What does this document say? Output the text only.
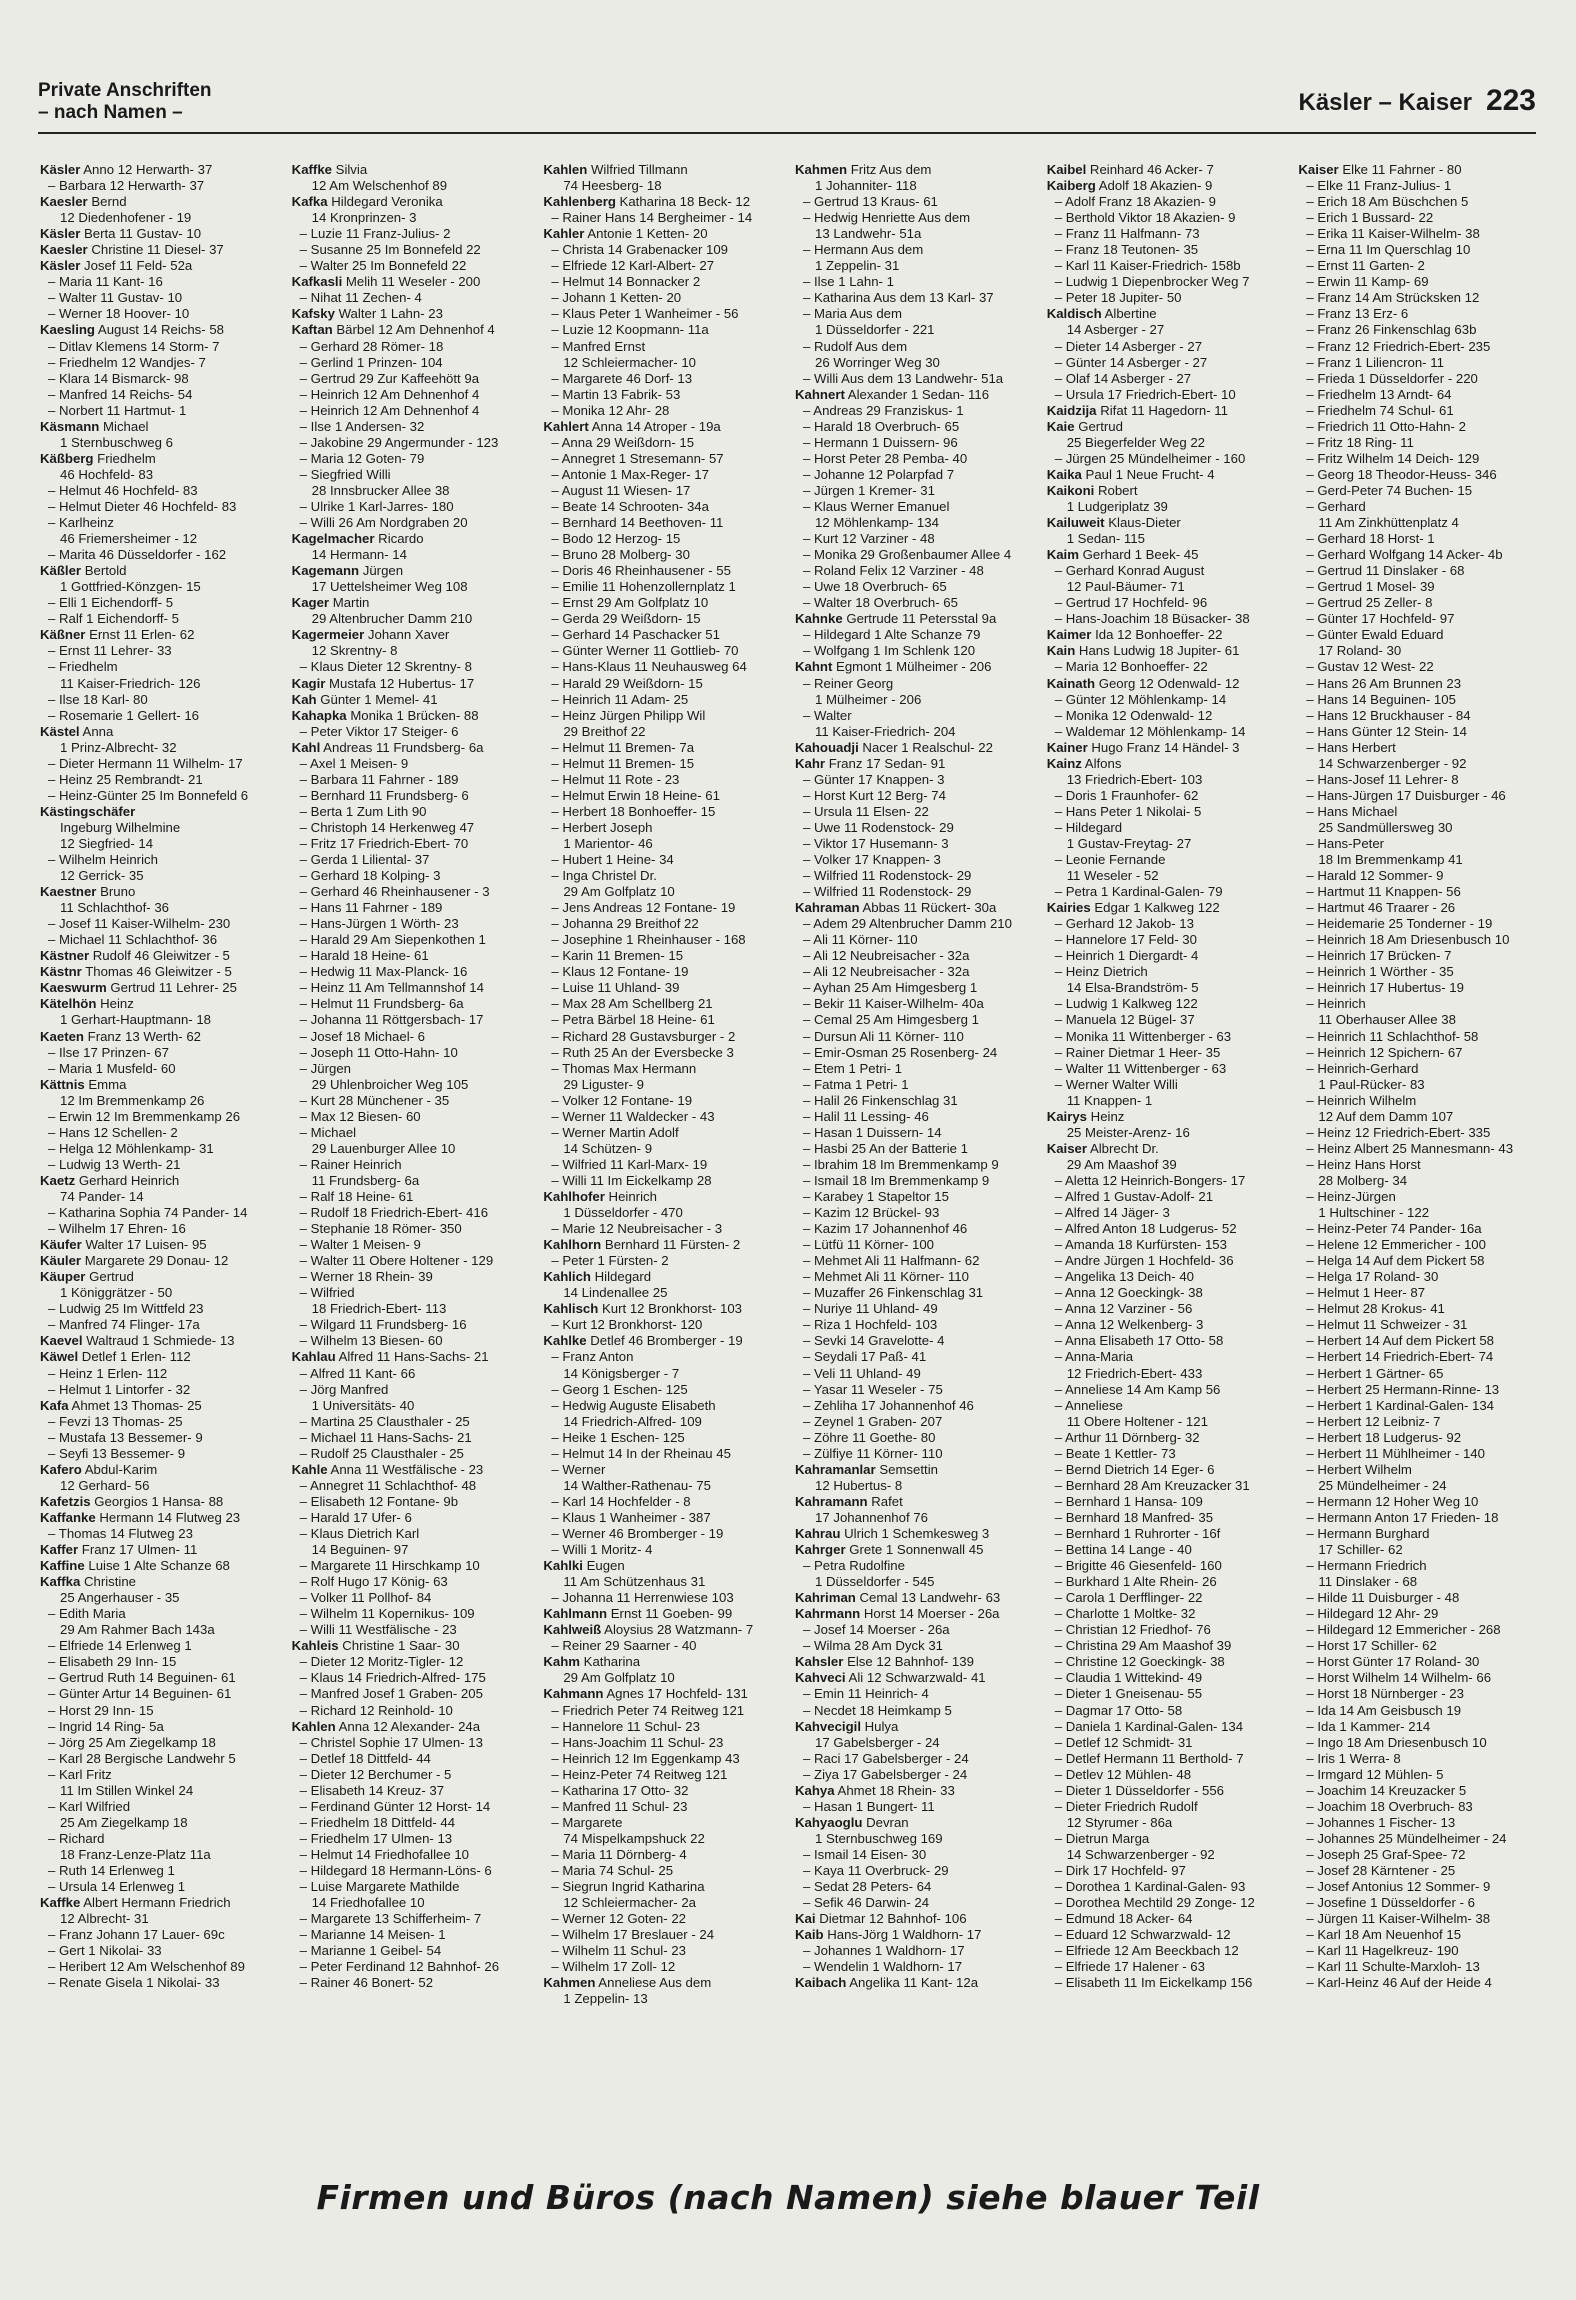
Private Anschriften
– nach Namen –	Käsler – Kaiser 223
Käsler Anno 12 Herwarth- 37
– Barbara 12 Herwarth- 37
Kaesler Bernd
12 Diedenhofener - 19
Käsler Berta 11 Gustav- 10
Kaesler Christine 11 Diesel- 37
Käsler Josef 11 Feld- 52a
– Maria 11 Kant- 16
– Walter 11 Gustav- 10
– Werner 18 Hoover- 10
Kaesling August 14 Reichs- 58
– Ditlav Klemens 14 Storm- 7
– Friedhelm 12 Wandjes- 7
– Klara 14 Bismarck- 98
– Manfred 14 Reichs- 54
– Norbert 11 Hartmut- 1
Käsmann Michael
1 Sternbuschweg 6
Käßberg Friedhelm
46 Hochfeld- 83
– Helmut 46 Hochfeld- 83
– Helmut Dieter 46 Hochfeld- 83
– Karlheinz
46 Friemersheimer - 12
– Marita 46 Düsseldorfer - 162
Käßler Bertold
1 Gottfried-Könzgen- 15
– Elli 1 Eichendorff- 5
– Ralf 1 Eichendorff- 5
Käßner Ernst 11 Erlen- 62
– Ernst 11 Lehrer- 33
– Friedhelm
11 Kaiser-Friedrich- 126
– Ilse 18 Karl- 80
– Rosemarie 1 Gellert- 16
Kästel Anna
1 Prinz-Albrecht- 32
– Dieter Hermann 11 Wilhelm- 17
– Heinz 25 Rembrandt- 21
– Heinz-Günter 25 Im Bonnefeld 6
Kästingschäfer
Ingeburg Wilhelmine
12 Siegfried- 14
– Wilhelm Heinrich
12 Gerrick- 35
Kaestner Bruno
11 Schlachthof- 36
– Josef 11 Kaiser-Wilhelm- 230
– Michael 11 Schlachthof- 36
Kästner Rudolf 46 Gleiwitzer - 5
Kästnr Thomas 46 Gleiwitzer - 5
Kaeswurm Gertrud 11 Lehrer- 25
Kätelhön Heinz
1 Gerhart-Hauptmann- 18
Kaeten Franz 13 Werth- 62
– Ilse 17 Prinzen- 67
– Maria 1 Musfeld- 60
Kättnis Emma
12 Im Bremmenkamp 26
– Erwin 12 Im Bremmenkamp 26
– Hans 12 Schellen- 2
– Helga 12 Möhlenkamp- 31
– Ludwig 13 Werth- 21
Kaetz Gerhard Heinrich
74 Pander- 14
– Katharina Sophia 74 Pander- 14
– Wilhelm 17 Ehren- 16
Käufer Walter 17 Luisen- 95
Käuler Margarete 29 Donau- 12
Käuper Gertrud
1 Königgrätzer - 50
– Ludwig 25 Im Wittfeld 23
– Manfred 74 Flinger- 17a
Kaevel Waltraud 1 Schmiede- 13
Käwel Detlef 1 Erlen- 112
– Heinz 1 Erlen- 112
– Helmut 1 Lintorfer - 32
Kafa Ahmet 13 Thomas- 25
– Fevzi 13 Thomas- 25
– Mustafa 13 Bessemer- 9
– Seyfi 13 Bessemer- 9
Kafero Abdul-Karim
12 Gerhard- 56
Kafetzis Georgios 1 Hansa- 88
Kaffanke Hermann 14 Flutweg 23
– Thomas 14 Flutweg 23
Kaffer Franz 17 Ulmen- 11
Kaffine Luise 1 Alte Schanze 68
Kaffka Christine
25 Angerhauser - 35
– Edith Maria
29 Am Rahmer Bach 143a
– Elfriede 14 Erlenweg 1
– Elisabeth 29 Inn- 15
– Gertrud Ruth 14 Beguinen- 61
– Günter Artur 14 Beguinen- 61
– Horst 29 Inn- 15
– Ingrid 14 Ring- 5a
– Jörg 25 Am Ziegelkamp 18
– Karl 28 Bergische Landwehr 5
– Karl Fritz
11 Im Stillen Winkel 24
– Karl Wilfried
25 Am Ziegelkamp 18
– Richard
18 Franz-Lenze-Platz 11a
– Ruth 14 Erlenweg 1
– Ursula 14 Erlenweg 1
Kaffke Albert Hermann Friedrich
12 Albrecht- 31
– Franz Johann 17 Lauer- 69c
– Gert 1 Nikolai- 33
– Heribert 12 Am Welschenhof 89
– Renate Gisela 1 Nikolai- 33
Kaffke Silvia
12 Am Welschenhof 89
Kafka Hildegard Veronika
14 Kronprinzen- 3
– Luzie 11 Franz-Julius- 2
– Susanne 25 Im Bonnefeld 22
– Walter 25 Im Bonnefeld 22
Kafkasli Melih 11 Weseler - 200
– Nihat 11 Zechen- 4
Kafsky Walter 1 Lahn- 23
Kaftan Bärbel 12 Am Dehnenhof 4
– Gerhard 28 Römer- 18
– Gerlind 1 Prinzen- 104
– Gertrud 29 Zur Kaffeehött 9a
– Heinrich 12 Am Dehnenhof 4
– Heinrich 12 Am Dehnenhof 4
– Ilse 1 Andersen- 32
– Jakobine 29 Angermunder - 123
– Maria 12 Goten- 79
– Siegfried Willi
28 Innsbrucker Allee 38
– Ulrike 1 Karl-Jarres- 180
– Willi 26 Am Nordgraben 20
Kagelmacher Ricardo
14 Hermann- 14
Kagemann Jürgen
17 Uettelsheimer Weg 108
Kager Martin
29 Altenbrucher Damm 210
Kagermeier Johann Xaver
12 Skrentny- 8
– Klaus Dieter 12 Skrentny- 8
Kagir Mustafa 12 Hubertus- 17
Kah Günter 1 Memel- 41
Kahapka Monika 1 Brücken- 88
– Peter Viktor 17 Steiger- 6
Kahl Andreas 11 Frundsberg- 6a
– Axel 1 Meisen- 9
– Barbara 11 Fahrner - 189
– Bernhard 11 Frundsberg- 6
– Berta 1 Zum Lith 90
– Christoph 14 Herkenweg 47
– Fritz 17 Friedrich-Ebert- 70
– Gerda 1 Liliental- 37
– Gerhard 18 Kolping- 3
– Gerhard 46 Rheinhausener - 3
– Hans 11 Fahrner - 189
– Hans-Jürgen 1 Wörth- 23
– Harald 29 Am Siepenkothen 1
– Harald 18 Heine- 61
– Hedwig 11 Max-Planck- 16
– Heinz 11 Am Tellmannshof 14
– Helmut 11 Frundsberg- 6a
– Johanna 11 Röttgersbach- 17
– Josef 18 Michael- 6
– Joseph 11 Otto-Hahn- 10
– Jürgen
29 Uhlenbroicher Weg 105
– Kurt 28 Münchener - 35
– Max 12 Biesen- 60
– Michael
29 Lauenburger Allee 10
– Rainer Heinrich
11 Frundsberg- 6a
– Ralf 18 Heine- 61
– Rudolf 18 Friedrich-Ebert- 416
– Stephanie 18 Römer- 350
– Walter 1 Meisen- 9
– Walter 11 Obere Holtener - 129
– Werner 18 Rhein- 39
– Wilfried
18 Friedrich-Ebert- 113
– Wilgard 11 Frundsberg- 16
– Wilhelm 13 Biesen- 60
Kahlau Alfred 11 Hans-Sachs- 21
– Alfred 11 Kant- 66
– Jörg Manfred
1 Universitäts- 40
– Martina 25 Clausthaler - 25
– Michael 11 Hans-Sachs- 21
– Rudolf 25 Clausthaler - 25
Kahle Anna 11 Westfälische - 23
– Annegret 11 Schlachthof- 48
– Elisabeth 12 Fontane- 9b
– Harald 17 Ufer- 6
– Klaus Dietrich Karl
14 Beguinen- 97
– Margarete 11 Hirschkamp 10
– Rolf Hugo 17 König- 63
– Volker 11 Pollhof- 84
– Wilhelm 11 Kopernikus- 109
– Willi 11 Westfälische - 23
Kahleis Christine 1 Saar- 30
– Dieter 12 Moritz-Tigler- 12
– Klaus 14 Friedrich-Alfred- 175
– Manfred Josef 1 Graben- 205
– Richard 12 Reinhold- 10
Kahlen Anna 12 Alexander- 24a
– Christel Sophie 17 Ulmen- 13
– Detlef 18 Dittfeld- 44
– Dieter 12 Berchumer - 5
– Elisabeth 14 Kreuz- 37
– Ferdinand Günter 12 Horst- 14
– Friedhelm 18 Dittfeld- 44
– Friedhelm 17 Ulmen- 13
– Helmut 14 Friedhofallee 10
– Hildegard 18 Hermann-Löns- 6
– Luise Margarete Mathilde
14 Friedhofallee 10
– Margarete 13 Schifferheim- 7
– Marianne 14 Meisen- 1
– Marianne 1 Geibel- 54
– Peter Ferdinand 12 Bahnhof- 26
– Rainer 46 Bonert- 52
Kahlen Wilfried Tillmann
74 Heesberg- 18
Kahlenberg Katharina 18 Beck- 12
– Rainer Hans 14 Bergheimer - 14
Kahler Antonie 1 Ketten- 20
– Christa 14 Grabenacker 109
– Elfriede 12 Karl-Albert- 27
– Helmut 14 Bonnacker 2
– Johann 1 Ketten- 20
– Klaus Peter 1 Wanheimer - 56
– Luzie 12 Koopmann- 11a
– Manfred Ernst
12 Schleiermacher- 10
– Margarete 46 Dorf- 13
– Martin 13 Fabrik- 53
– Monika 12 Ahr- 28
Kahlert Anna 14 Atroper - 19a
– Anna 29 Weißdorn- 15
– Annegret 1 Stresemann- 57
– Antonie 1 Max-Reger- 17
– August 11 Wiesen- 17
– Beate 14 Schrooten- 34a
– Bernhard 14 Beethoven- 11
– Bodo 12 Herzog- 15
– Bruno 28 Molberg- 30
– Doris 46 Rheinhausener - 55
– Emilie 11 Hohenzollernplatz 1
– Ernst 29 Am Golfplatz 10
– Gerda 29 Weißdorn- 15
– Gerhard 14 Paschacker 51
– Günter Werner 11 Gottlieb- 70
– Hans-Klaus 11 Neuhausweg 64
– Harald 29 Weißdorn- 15
– Heinrich 11 Adam- 25
– Heinz Jürgen Philipp Wil
29 Breithof 22
– Helmut 11 Bremen- 7a
– Helmut 11 Bremen- 15
– Helmut 11 Rote - 23
– Helmut Erwin 18 Heine- 61
– Herbert 18 Bonhoeffer- 15
– Herbert Joseph
1 Marientor- 46
– Hubert 1 Heine- 34
– Inga Christel Dr.
29 Am Golfplatz 10
– Jens Andreas 12 Fontane- 19
– Johanna 29 Breithof 22
– Josephine 1 Rheinhauser - 168
– Karin 11 Bremen- 15
– Klaus 12 Fontane- 19
– Luise 11 Uhland- 39
– Max 28 Am Schellberg 21
– Petra Bärbel 18 Heine- 61
– Richard 28 Gustavsburger - 2
– Ruth 25 An der Eversbecke 3
– Thomas Max Hermann
29 Liguster- 9
– Volker 12 Fontane- 19
– Werner 11 Waldecker - 43
– Werner Martin Adolf
14 Schützen- 9
– Wilfried 11 Karl-Marx- 19
– Willi 11 Im Eickelkamp 28
Kahlhofer Heinrich
1 Düsseldorfer - 470
– Marie 12 Neubreisacher - 3
Kahlhorn Bernhard 11 Fürsten- 2
– Peter 1 Fürsten- 2
Kahlich Hildegard
14 Lindenallee 25
Kahlisch Kurt 12 Bronkhorst- 103
– Kurt 12 Bronkhorst- 120
Kahlke Detlef 46 Bromberger - 19
– Franz Anton
14 Königsberger - 7
– Georg 1 Eschen- 125
– Hedwig Auguste Elisabeth
14 Friedrich-Alfred- 109
– Heike 1 Eschen- 125
– Helmut 14 In der Rheinau 45
– Werner
14 Walther-Rathenau- 75
– Karl 14 Hochfelder - 8
– Klaus 1 Wanheimer - 387
– Werner 46 Bromberger - 19
– Willi 1 Moritz- 4
Kahlki Eugen
11 Am Schützenhaus 31
– Johanna 11 Herrenwiese 103
Kahlmann Ernst 11 Goeben- 99
Kahlweiß Aloysius 28 Watzmann- 7
– Reiner 29 Saarner - 40
Kahm Katharina
29 Am Golfplatz 10
Kahmann Agnes 17 Hochfeld- 131
– Friedrich Peter 74 Reitweg 121
– Hannelore 11 Schul- 23
– Hans-Joachim 11 Schul- 23
– Heinrich 12 Im Eggenkamp 43
– Heinz-Peter 74 Reitweg 121
– Katharina 17 Otto- 32
– Manfred 11 Schul- 23
– Margarete
74 Mispelkampshuck 22
– Maria 11 Dörnberg- 4
– Maria 74 Schul- 25
– Siegrun Ingrid Katharina
12 Schleiermacher- 2a
– Werner 12 Goten- 22
– Wilhelm 17 Breslauer - 24
– Wilhelm 11 Schul- 23
– Wilhelm 17 Zoll- 12
Kahmen Anneliese Aus dem
1 Zeppelin- 13
Kahmen Fritz Aus dem
1 Johanniter- 118
– Gertrud 13 Kraus- 61
– Hedwig Henriette Aus dem
13 Landwehr- 51a
– Hermann Aus dem
1 Zeppelin- 31
– Ilse 1 Lahn- 1
– Katharina Aus dem 13 Karl- 37
– Maria Aus dem
1 Düsseldorfer - 221
– Rudolf Aus dem
26 Worringer Weg 30
– Willi Aus dem 13 Landwehr- 51a
Kahnert Alexander 1 Sedan- 116
– Andreas 29 Franziskus- 1
– Harald 18 Overbruch- 65
– Hermann 1 Duissern- 96
– Horst Peter 28 Pemba- 40
– Johanne 12 Polarpfad 7
– Jürgen 1 Kremer- 31
– Klaus Werner Emanuel
12 Möhlenkamp- 134
– Kurt 12 Varziner - 48
– Monika 29 Großenbaumer Allee 4
– Roland Felix 12 Varziner - 48
– Uwe 18 Overbruch- 65
– Walter 18 Overbruch- 65
Kahnke Gertrude 11 Petersstal 9a
– Hildegard 1 Alte Schanze 79
– Wolfgang 1 Im Schlenk 120
Kahnt Egmont 1 Mülheimer - 206
– Reiner Georg
1 Mülheimer - 206
– Walter
11 Kaiser-Friedrich- 204
Kahouadji Nacer 1 Realschul- 22
Kahr Franz 17 Sedan- 91
– Günter 17 Knappen- 3
– Horst Kurt 12 Berg- 74
– Ursula 11 Elsen- 22
– Uwe 11 Rodenstock- 29
– Viktor 17 Husemann- 3
– Volker 17 Knappen- 3
– Wilfried 11 Rodenstock- 29
– Wilfried 11 Rodenstock- 29
Kahraman Abbas 11 Rückert- 30a
– Adem 29 Altenbrucher Damm 210
– Ali 11 Körner- 110
– Ali 12 Neubreisacher - 32a
– Ali 12 Neubreisacher - 32a
– Ayhan 25 Am Himgesberg 1
– Bekir 11 Kaiser-Wilhelm- 40a
– Cemal 25 Am Himgesberg 1
– Dursun Ali 11 Körner- 110
– Emir-Osman 25 Rosenberg- 24
– Etem 1 Petri- 1
– Fatma 1 Petri- 1
– Halil 26 Finkenschlag 31
– Halil 11 Lessing- 46
– Hasan 1 Duissern- 14
– Hasbi 25 An der Batterie 1
– Ibrahim 18 Im Bremmenkamp 9
– Ismail 18 Im Bremmenkamp 9
– Karabey 1 Stapeltor 15
– Kazim 12 Brückel- 93
– Kazim 17 Johannenhof 46
– Lütfü 11 Körner- 100
– Mehmet Ali 11 Halfmann- 62
– Mehmet Ali 11 Körner- 110
– Muzaffer 26 Finkenschlag 31
– Nuriye 11 Uhland- 49
– Riza 1 Hochfeld- 103
– Sevki 14 Gravelotte- 4
– Seydali 17 Paß- 41
– Veli 11 Uhland- 49
– Yasar 11 Weseler - 75
– Zehliha 17 Johannenhof 46
– Zeynel 1 Graben- 207
– Zöhre 11 Goethe- 80
– Zülfiye 11 Körner- 110
Kahramanlar Semsettin
12 Hubertus- 8
Kahramann Rafet
17 Johannenhof 76
Kahrau Ulrich 1 Schemkesweg 3
Kahrger Grete 1 Sonnenwall 45
– Petra Rudolfine
1 Düsseldorfer - 545
Kahriman Cemal 13 Landwehr- 63
Kahrmann Horst 14 Moerser - 26a
– Josef 14 Moerser - 26a
– Wilma 28 Am Dyck 31
Kahsler Else 12 Bahnhof- 139
Kahveci Ali 12 Schwarzwald- 41
– Emin 11 Heinrich- 4
– Necdet 18 Heimkamp 5
Kahvecigil Hulya
17 Gabelsberger - 24
– Raci 17 Gabelsberger - 24
– Ziya 17 Gabelsberger - 24
Kahya Ahmet 18 Rhein- 33
– Hasan 1 Bungert- 11
Kahyaoglu Devran
1 Sternbuschweg 169
– Ismail 14 Eisen- 30
– Kaya 11 Overbruck- 29
– Sedat 28 Peters- 64
– Sefik 46 Darwin- 24
Kai Dietmar 12 Bahnhof- 106
Kaib Hans-Jörg 1 Waldhorn- 17
– Johannes 1 Waldhorn- 17
– Wendelin 1 Waldhorn- 17
Kaibach Angelika 11 Kant- 12a
Kaibel Reinhard 46 Acker- 7
Kaiberg Adolf 18 Akazien- 9
– Adolf Franz 18 Akazien- 9
– Berthold Viktor 18 Akazien- 9
– Franz 11 Halfmann- 73
– Franz 18 Teutonen- 35
– Karl 11 Kaiser-Friedrich- 158b
– Ludwig 1 Diepenbrocker Weg 7
– Peter 18 Jupiter- 50
Kaldisch Albertine
14 Asberger - 27
– Dieter 14 Asberger - 27
– Günter 14 Asberger - 27
– Olaf 14 Asberger - 27
– Ursula 17 Friedrich-Ebert- 10
Kaidzija Rifat 11 Hagedorn- 11
Kaie Gertrud
25 Biegerfelder Weg 22
– Jürgen 25 Mündelheimer - 160
Kaika Paul 1 Neue Frucht- 4
Kaikoni Robert
1 Ludgeriplatz 39
Kailuweit Klaus-Dieter
1 Sedan- 115
Kaim Gerhard 1 Beek- 45
– Gerhard Konrad August
12 Paul-Bäumer- 71
– Gertrud 17 Hochfeld- 96
– Hans-Joachim 18 Büsacker- 38
Kaimer Ida 12 Bonhoeffer- 22
Kain Hans Ludwig 18 Jupiter- 61
– Maria 12 Bonhoeffer- 22
Kainath Georg 12 Odenwald- 12
– Günter 12 Möhlenkamp- 14
– Monika 12 Odenwald- 12
– Waldemar 12 Möhlenkamp- 14
Kainer Hugo Franz 14 Händel- 3
Kainz Alfons
13 Friedrich-Ebert- 103
– Doris 1 Fraunhofer- 62
– Hans Peter 1 Nikolai- 5
– Hildegard
1 Gustav-Freytag- 27
– Leonie Fernande
11 Weseler - 52
– Petra 1 Kardinal-Galen- 79
Kairies Edgar 1 Kalkweg 122
– Gerhard 12 Jakob- 13
– Hannelore 17 Feld- 30
– Heinrich 1 Diergardt- 4
– Heinz Dietrich
14 Elsa-Brandström- 5
– Ludwig 1 Kalkweg 122
– Manuela 12 Bügel- 37
– Monika 11 Wittenberger - 63
– Rainer Dietmar 1 Heer- 35
– Walter 11 Wittenberger - 63
– Werner Walter Willi
11 Knappen- 1
Kairys Heinz
25 Meister-Arenz- 16
Kaiser Albrecht Dr.
29 Am Maashof 39
– Aletta 12 Heinrich-Bongers- 17
– Alfred 1 Gustav-Adolf- 21
– Alfred 14 Jäger- 3
– Alfred Anton 18 Ludgerus- 52
– Amanda 18 Kurfürsten- 153
– Andre Jürgen 1 Hochfeld- 36
– Angelika 13 Deich- 40
– Anna 12 Goeckingk- 38
– Anna 12 Varziner - 56
– Anna 12 Welkenberg- 3
– Anna Elisabeth 17 Otto- 58
– Anna-Maria
12 Friedrich-Ebert- 433
– Anneliese 14 Am Kamp 56
– Anneliese
11 Obere Holtener - 121
– Arthur 11 Dörnberg- 32
– Beate 1 Kettler- 73
– Bernd Dietrich 14 Eger- 6
– Bernhard 28 Am Kreuzacker 31
– Bernhard 1 Hansa- 109
– Bernhard 18 Manfred- 35
– Bernhard 1 Ruhrorter - 16f
– Bettina 14 Lange - 40
– Brigitte 46 Giesenfeld- 160
– Burkhard 1 Alte Rhein- 26
– Carola 1 Derfflinger- 22
– Charlotte 1 Moltke- 32
– Christian 12 Friedhof- 76
– Christina 29 Am Maashof 39
– Christine 12 Goeckingk- 38
– Claudia 1 Wittekind- 49
– Dieter 1 Gneisenau- 55
– Dagmar 17 Otto- 58
– Daniela 1 Kardinal-Galen- 134
– Detlef 12 Schmidt- 31
– Detlef Hermann 11 Berthold- 7
– Detlev 12 Mühlen- 48
– Dieter 1 Düsseldorfer - 556
– Dieter Friedrich Rudolf
12 Styrumer - 86a
– Dietrun Marga
14 Schwarzenberger - 92
– Dirk 17 Hochfeld- 97
– Dorothea 1 Kardinal-Galen- 93
– Dorothea Mechtild 29 Zonge- 12
– Edmund 18 Acker- 64
– Eduard 12 Schwarzwald- 12
– Elfriede 12 Am Beeckbach 12
– Elfriede 17 Halener - 63
– Elisabeth 11 Im Eickelkamp 156
Kaiser Elke 11 Fahrner - 80
– Elke 11 Franz-Julius- 1
– Erich 18 Am Büschchen 5
– Erich 1 Bussard- 22
– Erika 11 Kaiser-Wilhelm- 38
– Erna 11 Im Querschlag 10
– Ernst 11 Garten- 2
– Erwin 11 Kamp- 69
– Franz 14 Am Strücksken 12
– Franz 13 Erz- 6
– Franz 26 Finkenschlag 63b
– Franz 12 Friedrich-Ebert- 235
– Franz 1 Liliencron- 11
– Frieda 1 Düsseldorfer - 220
– Friedhelm 13 Arndt- 64
– Friedhelm 74 Schul- 61
– Friedrich 11 Otto-Hahn- 2
– Fritz 18 Ring- 11
– Fritz Wilhelm 14 Deich- 129
– Georg 18 Theodor-Heuss- 346
– Gerd-Peter 74 Buchen- 15
– Gerhard
11 Am Zinkhüttenplatz 4
– Gerhard 18 Horst- 1
– Gerhard Wolfgang 14 Acker- 4b
– Gertrud 11 Dinslaker - 68
– Gertrud 1 Mosel- 39
– Gertrud 25 Zeller- 8
– Günter 17 Hochfeld- 97
– Günter Ewald Eduard
17 Roland- 30
– Gustav 12 West- 22
– Hans 26 Am Brunnen 23
– Hans 14 Beguinen- 105
– Hans 12 Bruckhauser - 84
– Hans Günter 12 Stein- 14
– Hans Herbert
14 Schwarzenberger - 92
– Hans-Josef 11 Lehrer- 8
– Hans-Jürgen 17 Duisburger - 46
– Hans Michael
25 Sandmüllersweg 30
– Hans-Peter
18 Im Bremmenkamp 41
– Harald 12 Sommer- 9
– Hartmut 11 Knappen- 56
– Hartmut 46 Traarer - 26
– Heidemarie 25 Tonderner - 19
– Heinrich 18 Am Driesenbusch 10
– Heinrich 17 Brücken- 7
– Heinrich 1 Wörther - 35
– Heinrich 17 Hubertus- 19
– Heinrich
11 Oberhauser Allee 38
– Heinrich 11 Schlachthof- 58
– Heinrich 12 Spichern- 67
– Heinrich-Gerhard
1 Paul-Rücker- 83
– Heinrich Wilhelm
12 Auf dem Damm 107
– Heinz 12 Friedrich-Ebert- 335
– Heinz Albert 25 Mannesmann- 43
– Heinz Hans Horst
28 Molberg- 34
– Heinz-Jürgen
1 Hultschiner - 122
– Heinz-Peter 74 Pander- 16a
– Helene 12 Emmericher - 100
– Helga 14 Auf dem Pickert 58
– Helga 17 Roland- 30
– Helmut 1 Heer- 87
– Helmut 28 Krokus- 41
– Helmut 11 Schweizer - 31
– Herbert 14 Auf dem Pickert 58
– Herbert 14 Friedrich-Ebert- 74
– Herbert 1 Gärtner- 65
– Herbert 25 Hermann-Rinne- 13
– Herbert 1 Kardinal-Galen- 134
– Herbert 12 Leibniz- 7
– Herbert 18 Ludgerus- 92
– Herbert 11 Mühlheimer - 140
– Herbert Wilhelm
25 Mündelheimer - 24
– Hermann 12 Hoher Weg 10
– Hermann Anton 17 Frieden- 18
– Hermann Burghard
17 Schiller- 62
– Hermann Friedrich
11 Dinslaker - 68
– Hilde 11 Duisburger - 48
– Hildegard 12 Ahr- 29
– Hildegard 12 Emmericher - 268
– Horst 17 Schiller- 62
– Horst Günter 17 Roland- 30
– Horst Wilhelm 14 Wilhelm- 66
– Horst 18 Nürnberger - 23
– Ida 14 Am Geisbusch 19
– Ida 1 Kammer- 214
– Ingo 18 Am Driesenbusch 10
– Iris 1 Werra- 8
– Irmgard 12 Mühlen- 5
– Joachim 14 Kreuzacker 5
– Joachim 18 Overbruch- 83
– Johannes 1 Fischer- 13
– Johannes 25 Mündelheimer - 24
– Joseph 25 Graf-Spee- 72
– Josef 28 Kärntener - 25
– Josef Antonius 12 Sommer- 9
– Josefine 1 Düsseldorfer - 6
– Jürgen 11 Kaiser-Wilhelm- 38
– Karl 18 Am Neuenhof 15
– Karl 11 Hagelkreuz- 190
– Karl 11 Schulte-Marxloh- 13
– Karl-Heinz 46 Auf der Heide 4
Firmen und Büros (nach Namen) siehe blauer Teil
